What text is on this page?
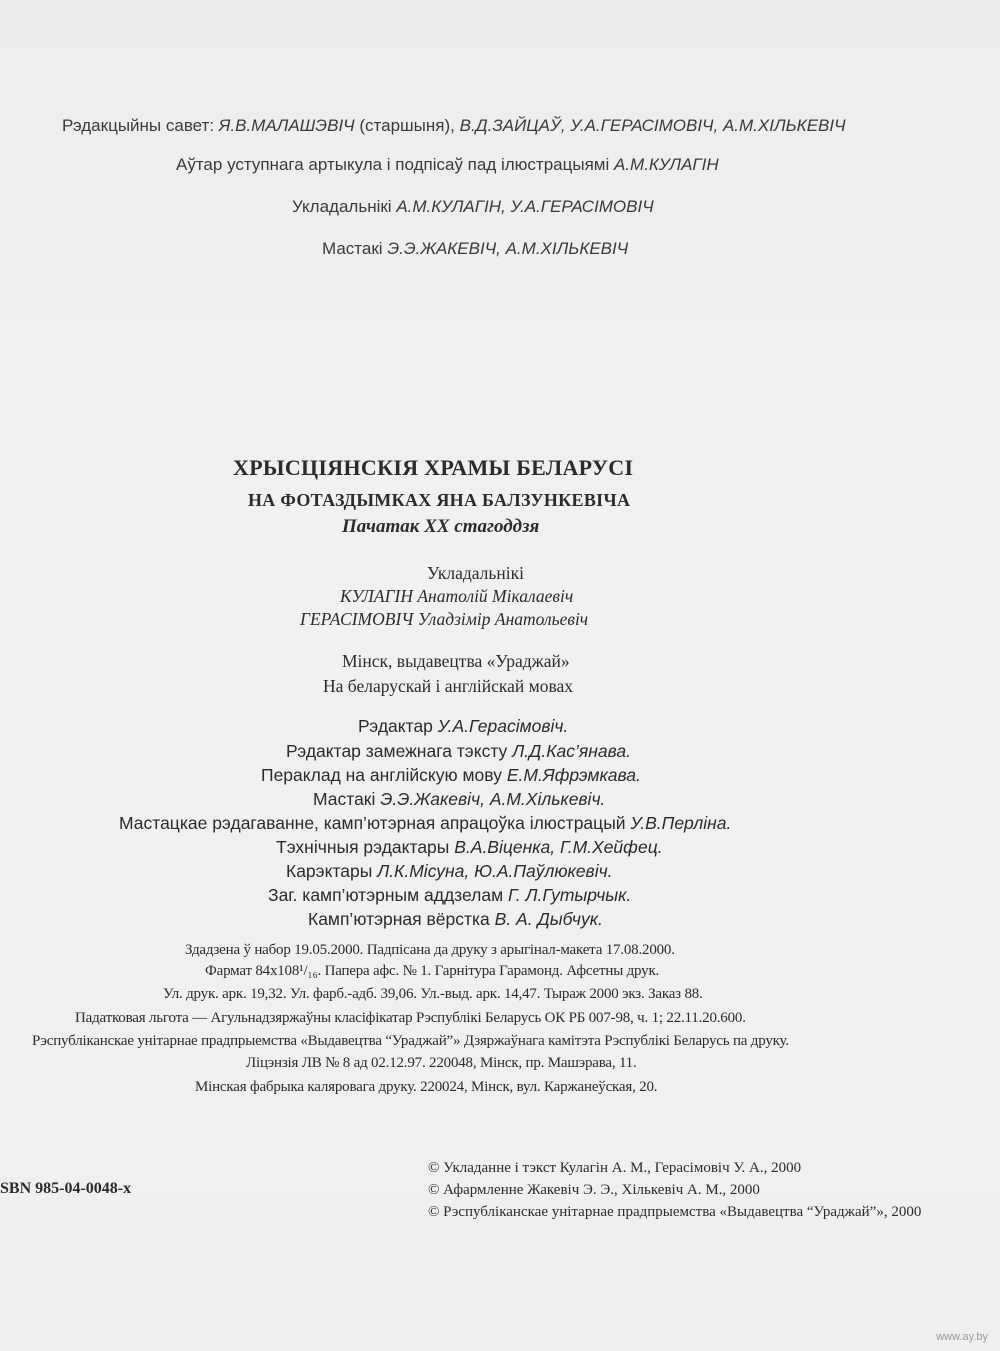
Рэдакцыйны савет: Я.В.МАЛАШЭВІЧ (старшыня), В.Д.ЗАЙЦАЎ, У.А.ГЕРАСІМОВІЧ, А.М.ХІЛЬКЕВІЧ
Аўтар уступнага артыкула і подпісаў пад ілюстрацыямі А.М.КУЛАГІН
Укладальнікі А.М.КУЛАГІН, У.А.ГЕРАСІМОВІЧ
Мастакі Э.Э.ЖАКЕВІЧ, А.М.ХІЛЬКЕВІЧ
ХРЫСЦІЯНСКІЯ ХРАМЫ БЕЛАРУСІ
НА ФОТАЗДЫМКАХ ЯНА БАЛЗУНКЕВІЧА
Пачатак XX стагоддзя
Укладальнікі
КУЛАГІН Анатолій Мікалаевіч
ГЕРАСІМОВІЧ Уладзімір Анатольевіч
Мінск, выдавецтва «Ураджай»
На беларускай і англійскай мовах
Рэдактар У.А.Герасімовіч.
Рэдактар замежнага тэксту Л.Д.Кас’янава.
Пераклад на англійскую мову Е.М.Яфрэмкава.
Мастакі Э.Э.Жакевіч, А.М.Хількевіч.
Мастацкае рэдагаванне, камп’ютэрная апрацоўка ілюстрацый У.В.Перліна.
Тэхнічныя рэдактары В.А.Віценка, Г.М.Хейфец.
Карэктары Л.К.Місуна, Ю.А.Паўлюкевіч.
Заг. камп’ютэрным аддзелам Г. Л.Гутырчык.
Камп’ютэрная вёрстка В. А. Дыбчук.
Здадзена ў набор 19.05.2000. Падпісана да друку з арыгінал-макета 17.08.2000.
Фармат 84х108¹/₁₆. Папера афс. № 1. Гарнітура Гарамонд. Афсетны друк.
Ул. друк. арк. 19,32. Ул. фарб.-адб. 39,06. Ул.-выд. арк. 14,47. Тыраж 2000 экз. Заказ 88.
Падатковая льгота — Агульнадзяржаўны класіфікатар Рэспублікі Беларусь ОК РБ 007-98, ч. 1; 22.11.20.600.
Рэспубліканскае унітарнае прадпрыемства «Выдавецтва “Ураджай”» Дзяржаўнага камітэта Рэспублікі Беларусь па друку.
Ліцэнзія ЛВ № 8 ад 02.12.97. 220048, Мінск, пр. Машэрава, 11.
Мінская фабрыка каляровага друку. 220024, Мінск, вул. Каржанеўская, 20.
SBN 985-04-0048-х
© Укладанне і тэкст Кулагін А. М., Герасімовіч У. А., 2000
© Афармленне Жакевіч Э. Э., Хількевіч А. М., 2000
© Рэспубліканскае унітарнае прадпрыемства «Выдавецтва “Ураджай”», 2000
www.ay.by
